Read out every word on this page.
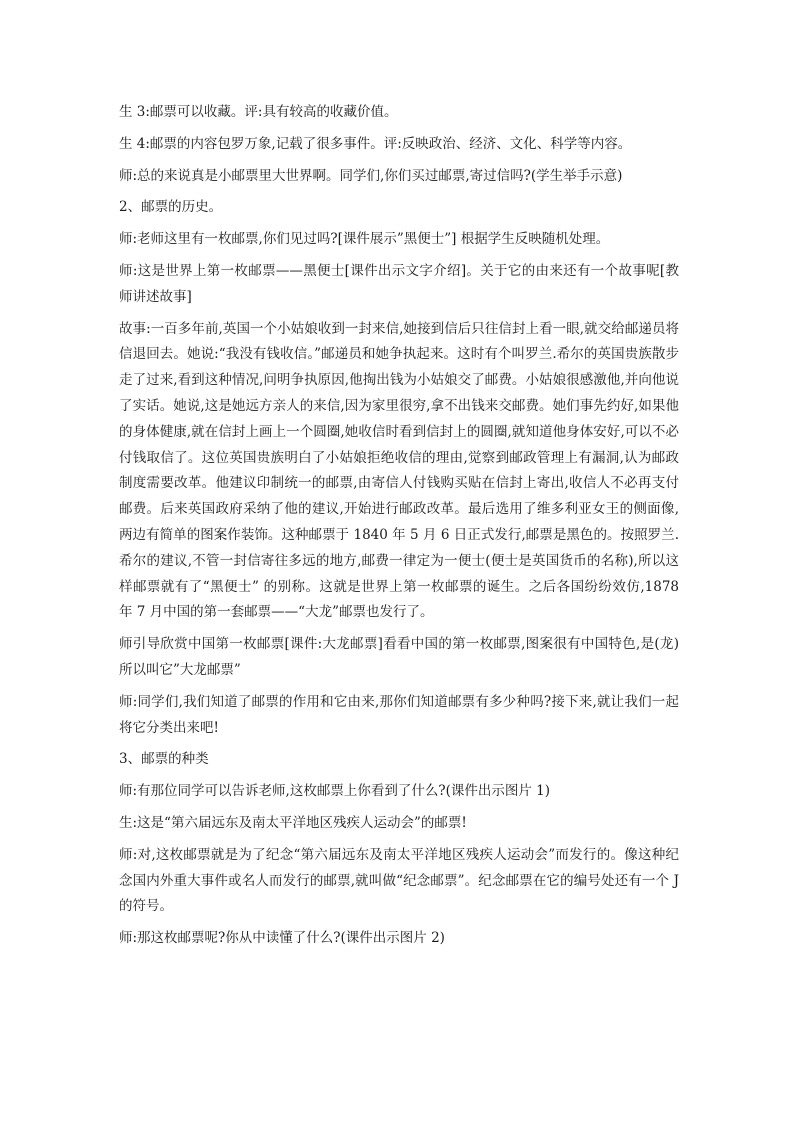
生 3:邮票可以收藏。评:具有较高的收藏价值。

生 4:邮票的内容包罗万象,记载了很多事件。评:反映政治、经济、文化、科学等内容。

师:总的来说真是小邮票里大世界啊。同学们,你们买过邮票,寄过信吗?(学生举手示意)

2、邮票的历史。

师:老师这里有一枚邮票,你们见过吗?[课件展示”黑便士”] 根据学生反映随机处理。

师:这是世界上第一枚邮票——黑便士[课件出示文字介绍]。关于它的由来还有一个故事呢[教师讲述故事]

故事:一百多年前,英国一个小姑娘收到一封来信,她接到信后只往信封上看一眼,就交给邮递员将信退回去。她说:“我没有钱收信。”邮递员和她争执起来。这时有个叫罗兰.希尔的英国贵族散步走了过来,看到这种情况,问明争执原因,他掏出钱为小姑娘交了邮费。小姑娘很感激他,并向他说了实话。她说,这是她远方亲人的来信,因为家里很穷,拿不出钱来交邮费。她们事先约好,如果他的身体健康,就在信封上画上一个圆圈,她收信时看到信封上的圆圈,就知道他身体安好,可以不必付钱取信了。这位英国贵族明白了小姑娘拒绝收信的理由,觉察到邮政管理上有漏洞,认为邮政制度需要改革。他建议印制统一的邮票,由寄信人付钱购买贴在信封上寄出,收信人不必再支付邮费。后来英国政府采纳了他的建议,开始进行邮政改革。最后选用了维多利亚女王的侧面像,两边有简单的图案作装饰。这种邮票于 1840 年 5 月 6 日正式发行,邮票是黑色的。按照罗兰.希尔的建议,不管一封信寄往多远的地方,邮费一律定为一便士(便士是英国货币的名称),所以这样邮票就有了“黑便士” 的别称。这就是世界上第一枚邮票的诞生。之后各国纷纷效仿,1878 年 7 月中国的第一套邮票——“大龙”邮票也发行了。

师引导欣赏中国第一枚邮票[课件:大龙邮票]看看中国的第一枚邮票,图案很有中国特色,是(龙)所以叫它”大龙邮票”

师:同学们,我们知道了邮票的作用和它由来,那你们知道邮票有多少种吗?接下来,就让我们一起将它分类出来吧!

3、邮票的种类

师:有那位同学可以告诉老师,这枚邮票上你看到了什么?(课件出示图片 1)

生:这是“第六届远东及南太平洋地区残疾人运动会”的邮票!

师:对,这枚邮票就是为了纪念“第六届远东及南太平洋地区残疾人运动会”而发行的。像这种纪念国内外重大事件或名人而发行的邮票,就叫做“纪念邮票”。纪念邮票在它的编号处还有一个 J 的符号。

师:那这枚邮票呢?你从中读懂了什么?(课件出示图片 2)
